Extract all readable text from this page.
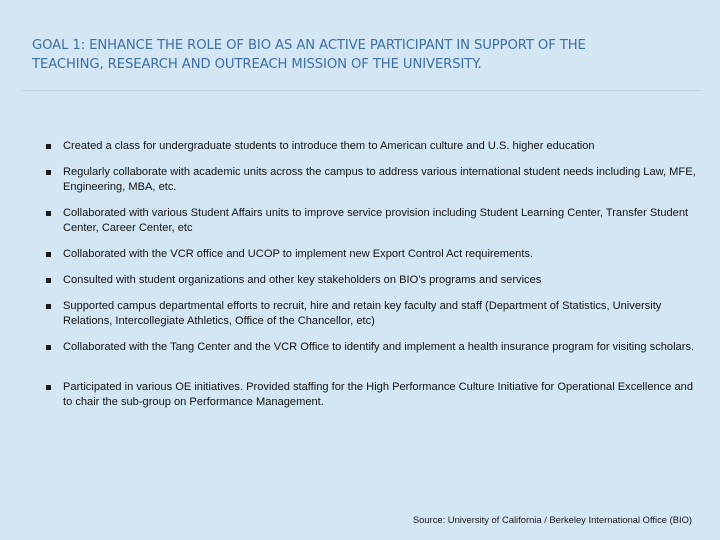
GOAL 1: ENHANCE THE ROLE OF BIO AS AN ACTIVE PARTICIPANT IN SUPPORT OF THE
TEACHING, RESEARCH AND OUTREACH MISSION OF THE UNIVERSITY.
Created a class for undergraduate students to introduce them to American culture and U.S. higher education
Regularly collaborate with academic units across the campus to address various international student needs including Law, MFE, Engineering, MBA, etc.
Collaborated with various Student Affairs units to improve service provision including Student Learning Center, Transfer Student Center, Career Center, etc
Collaborated with the VCR office and UCOP to implement new Export Control Act requirements.
Consulted with student organizations and other key stakeholders on BIO’s programs and services
Supported campus departmental efforts to recruit, hire and retain key faculty and staff (Department of Statistics, University Relations, Intercollegiate Athletics, Office of the Chancellor, etc)
Collaborated with the Tang Center and the VCR Office to identify and implement a health insurance program for visiting scholars.
Participated in various OE initiatives. Provided staffing for the High Performance Culture Initiative for Operational Excellence and to chair the sub-group on Performance Management.
Source: University of California / Berkeley International Office (BIO)
